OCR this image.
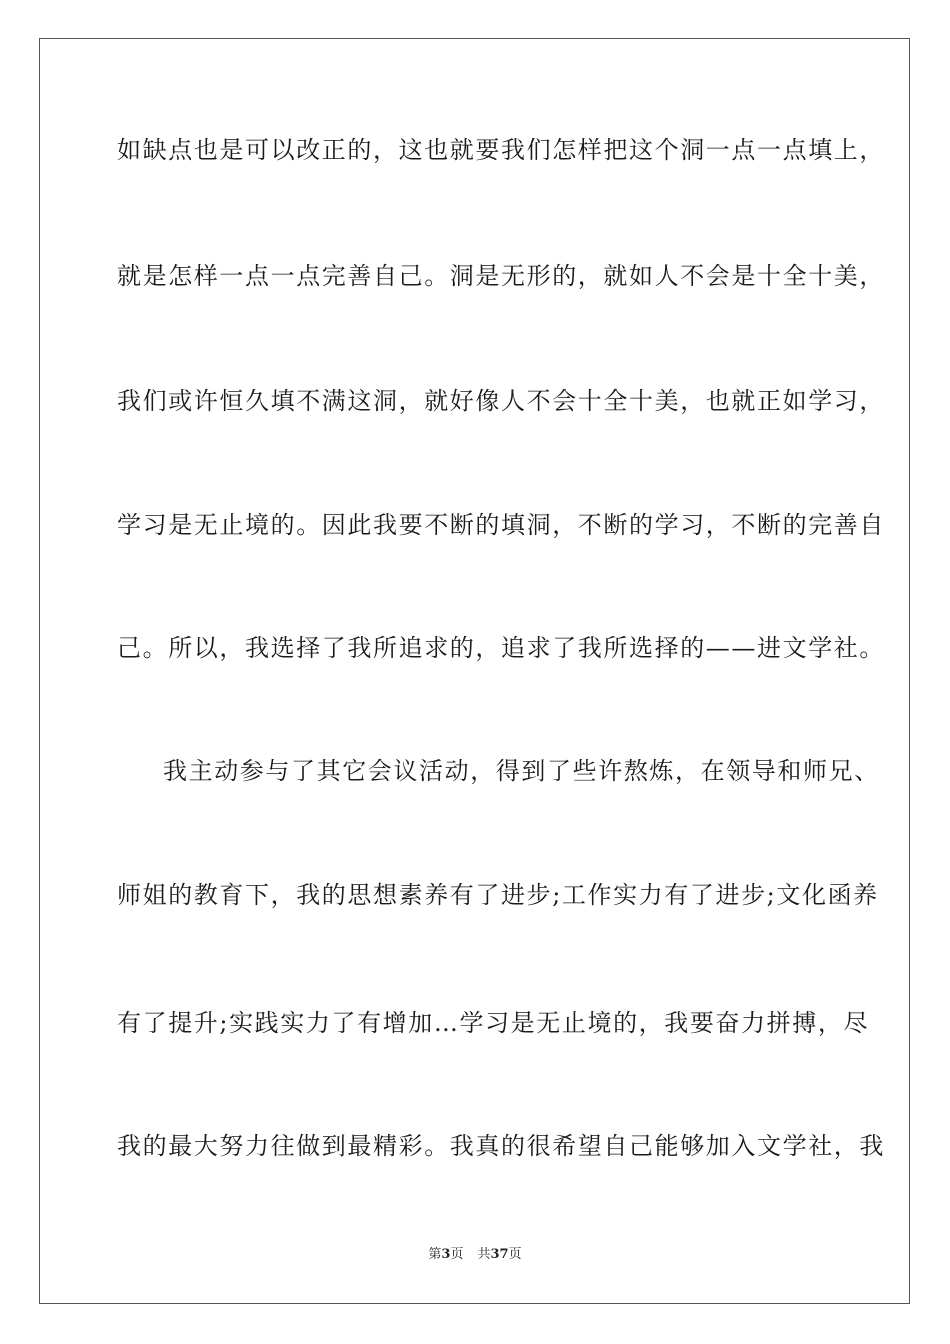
如缺点也是可以改正的，这也就要我们怎样把这个洞一点一点填上，
就是怎样一点一点完善自己。洞是无形的，就如人不会是十全十美，
我们或许恒久填不满这洞，就好像人不会十全十美，也就正如学习，
学习是无止境的。因此我要不断的填洞，不断的学习，不断的完善自
己。所以，我选择了我所追求的，追求了我所选择的——进文学社。
我主动参与了其它会议活动，得到了些许熬炼，在领导和师兄、
师姐的教育下，我的思想素养有了进步;工作实力有了进步;文化函养
有了提升;实践实力了有增加…学习是无止境的，我要奋力拼搏，尽
我的最大努力往做到最精彩。我真的很希望自己能够加入文学社，我
第3页 共37页
